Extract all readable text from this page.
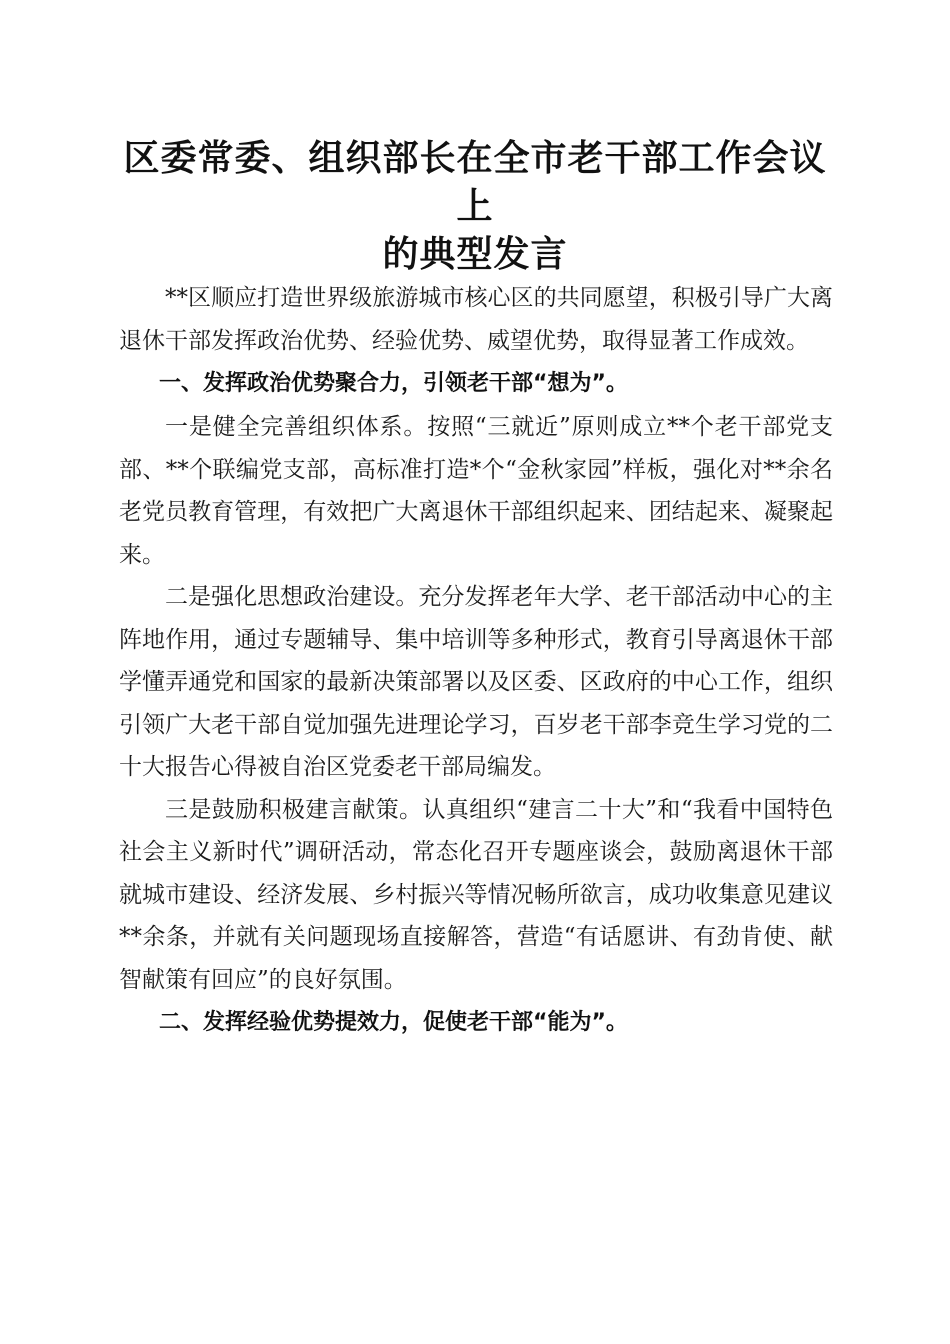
区委常委、组织部长在全市老干部工作会议上
的典型发言

**区顺应打造世界级旅游城市核心区的共同愿望，积极引导广大离退休干部发挥政治优势、经验优势、威望优势，取得显著工作成效。

一、发挥政治优势聚合力，引领老干部“想为”。

一是健全完善组织体系。按照“三就近”原则成立**个老干部党支部、**个联编党支部，高标准打造*个“金秋家园”样板，强化对**余名老党员教育管理，有效把广大离退休干部组织起来、团结起来、凝聚起来。

二是强化思想政治建设。充分发挥老年大学、老干部活动中心的主阵地作用，通过专题辅导、集中培训等多种形式，教育引导离退休干部学懂弄通党和国家的最新决策部署以及区委、区政府的中心工作，组织引领广大老干部自觉加强先进理论学习，百岁老干部李竞生学习党的二十大报告心得被自治区党委老干部局编发。

三是鼓励积极建言献策。认真组织“建言二十大”和“我看中国特色社会主义新时代”调研活动，常态化召开专题座谈会，鼓励离退休干部就城市建设、经济发展、乡村振兴等情况畅所欲言，成功收集意见建议**余条，并就有关问题现场直接解答，营造“有话愿讲、有劲肯使、献智献策有回应”的良好氛围。

二、发挥经验优势提效力，促使老干部“能为”。
